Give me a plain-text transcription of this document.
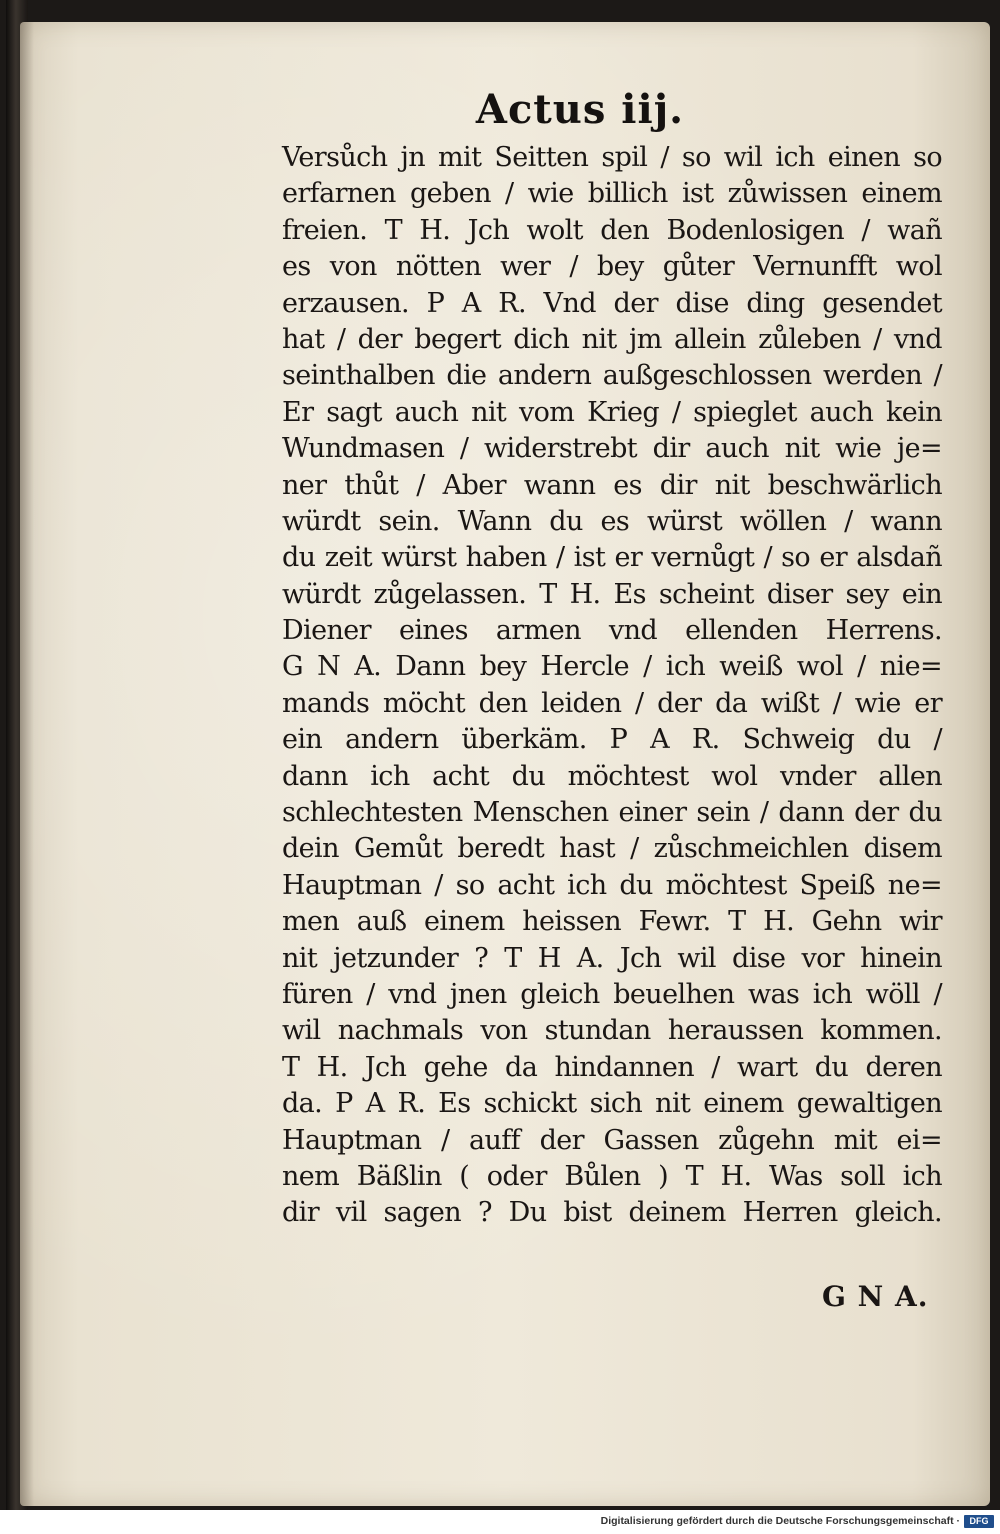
Actus iij.
Versůch jn mit Seitten spil / so wil ich einen so
erfarnen geben / wie billich ist zůwissen einem
freien. T H. Jch wolt den Bodenlosigen / wañ
es von nötten wer / bey gůter Vernunfft wol
erzausen. P A R. Vnd der dise ding gesendet
hat / der begert dich nit jm allein zůleben / vnd
seinthalben die andern außgeschlossen werden /
Er sagt auch nit vom Krieg / spieglet auch kein
Wundmasen / widerstrebt dir auch nit wie je=
ner thůt / Aber wann es dir nit beschwärlich
würdt sein. Wann du es würst wöllen / wann
du zeit würst haben / ist er vernůgt / so er alsdañ
würdt zůgelassen. T H. Es scheint diser sey ein
Diener eines armen vnd ellenden Herrens.
G N A. Dann bey Hercle / ich weiß wol / nie=
mands möcht den leiden / der da wißt / wie er
ein andern überkäm. P A R. Schweig du /
dann ich acht du möchtest wol vnder allen
schlechtesten Menschen einer sein / dann der du
dein Gemůt beredt hast / zůschmeichlen disem
Hauptman / so acht ich du möchtest Speiß ne=
men auß einem heissen Fewr. T H. Gehn wir
nit jetzunder ? T H A. Jch wil dise vor hinein
füren / vnd jnen gleich beuelhen was ich wöll /
wil nachmals von stundan heraussen kommen.
T H. Jch gehe da hindannen / wart du deren
da. P A R. Es schickt sich nit einem gewaltigen
Hauptman / auff der Gassen zůgehn mit ei=
nem Bäßlin ( oder Bůlen ) T H. Was soll ich
dir vil sagen ? Du bist deinem Herren gleich.
G N A.
Digitalisierung gefördert durch die Deutsche Forschungsgemeinschaft ·	DFG
